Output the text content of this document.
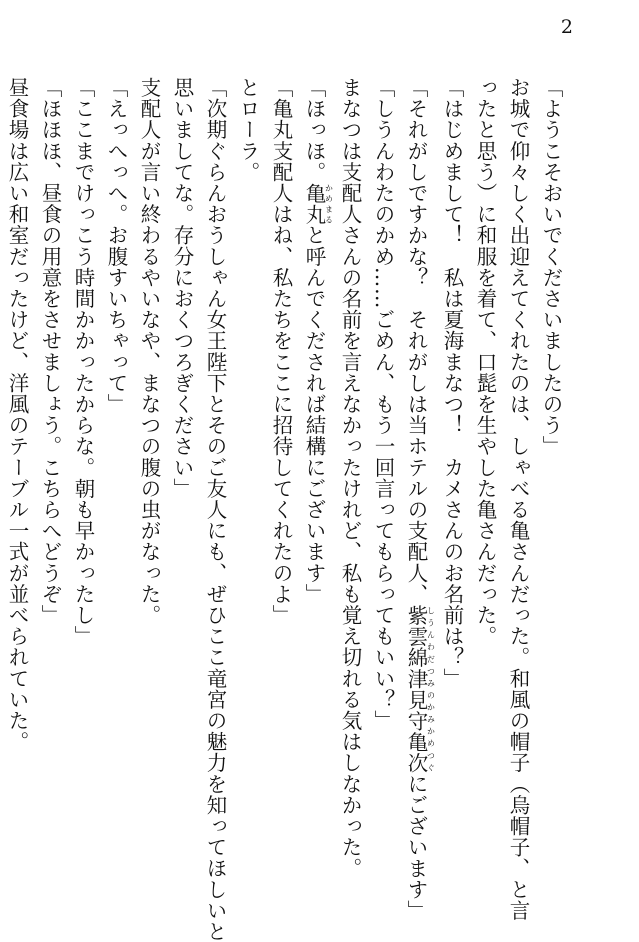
2
「ようこそおいでくださいましたのう」
お城で仰々しく出迎えてくれたのは、しゃべる亀さんだった。和風の帽子（烏帽子、と言
ったと思う）に和服を着て、口髭を生やした亀さんだった。
「はじめまして！　私は夏海まなつ！　カメさんのお名前は？」
「それがしですかな？　それがしは当ホテルの支配人、紫雲綿津見守亀次しうんわだつみのかみかめつぐにございます」
「しうんわたのかめ……ごめん、もう一回言ってもらってもいい？」
まなつは支配人さんの名前を言えなかったけれど、私も覚え切れる気はしなかった。
「ほっほ。亀丸かめまると呼んでくだされば結構にございます」
「亀丸支配人はね、私たちをここに招待してくれたのよ」
とローラ。
「次期ぐらんおうしゃん女王陛下とそのご友人にも、ぜひここ竜宮の魅力を知ってほしいと
思いましてな。存分におくつろぎください」
支配人が言い終わるやいなや、まなつの腹の虫がなった。
「えっへっへ。お腹すいちゃって」
「ここまでけっこう時間かかったからな。朝も早かったし」
「ほほほ、昼食の用意をさせましょう。こちらへどうぞ」
昼食場は広い和室だったけど、洋風のテーブル一式が並べられていた。
